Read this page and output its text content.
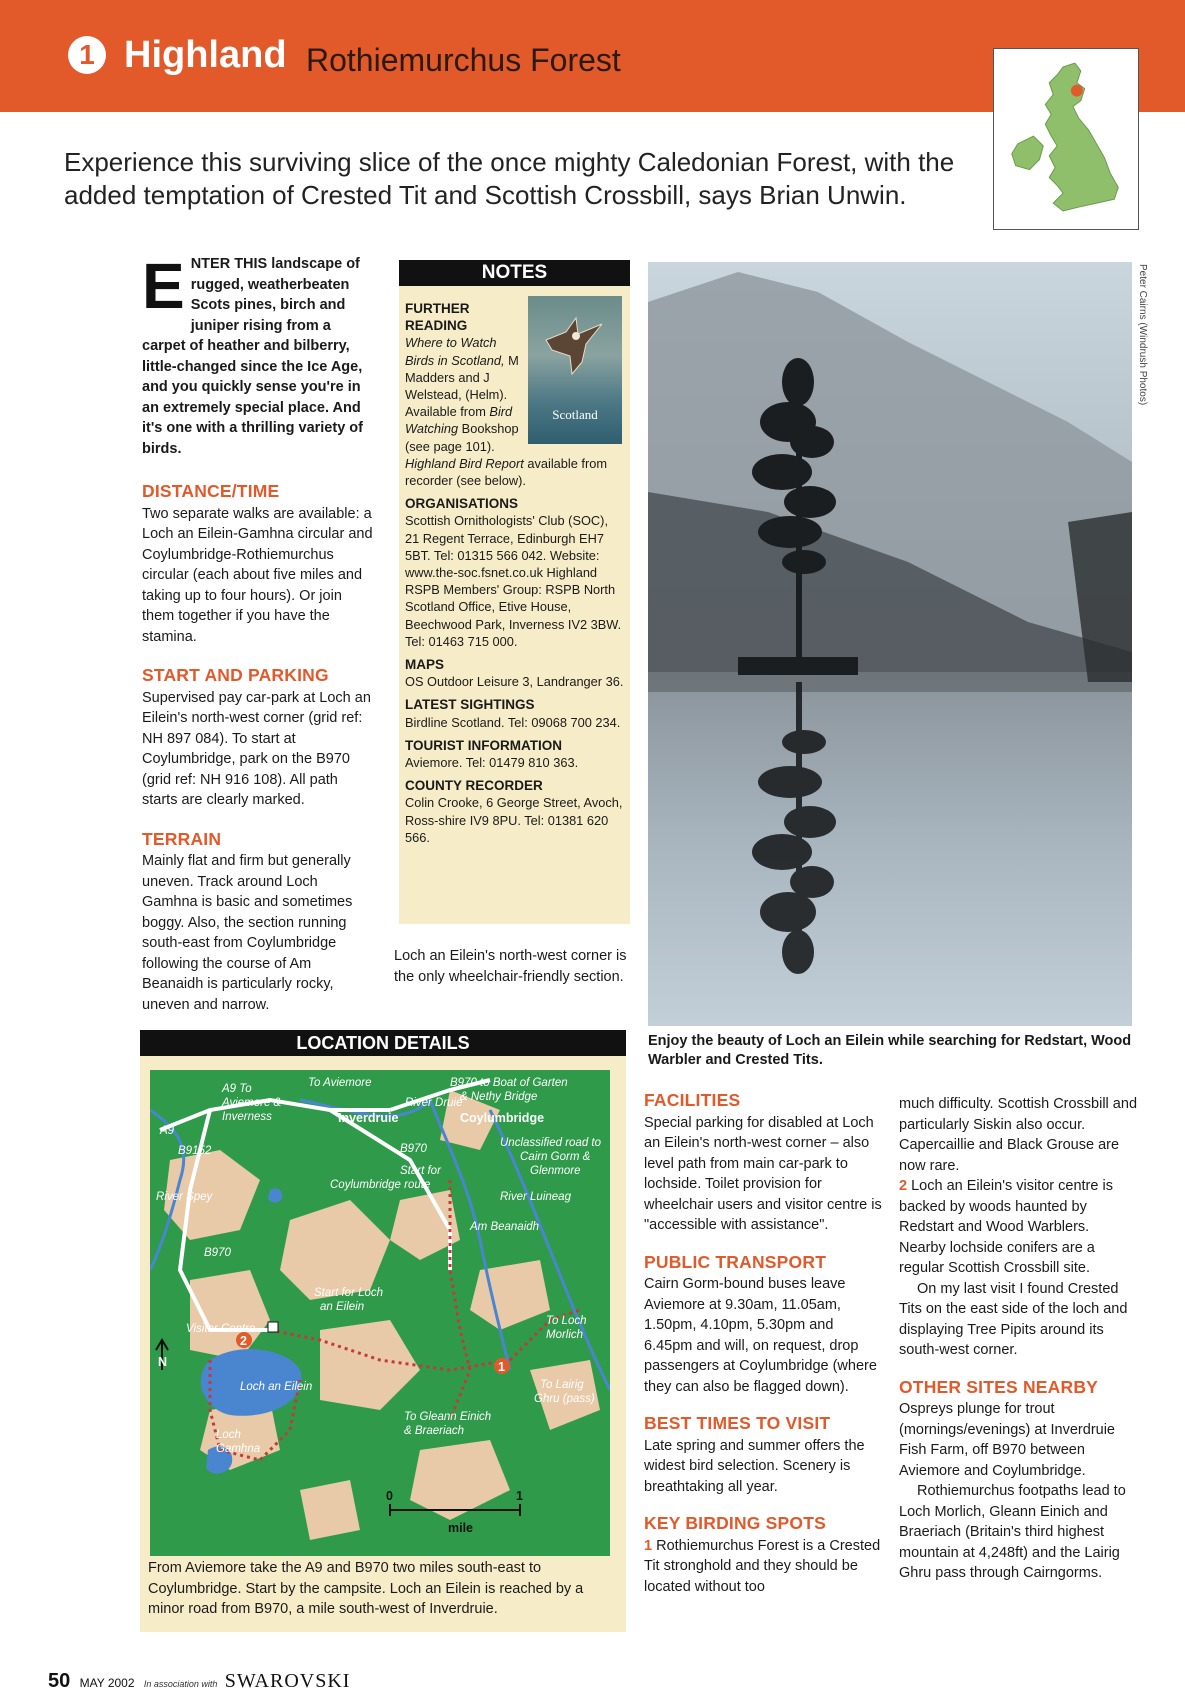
1 Highland Rothiemurchus Forest
Experience this surviving slice of the once mighty Caledonian Forest, with the added temptation of Crested Tit and Scottish Crossbill, says Brian Unwin.
ENTER THIS landscape of rugged, weatherbeaten Scots pines, birch and juniper rising from a carpet of heather and bilberry, little-changed since the Ice Age, and you quickly sense you're in an extremely special place. And it's one with a thrilling variety of birds.
DISTANCE/TIME
Two separate walks are available: a Loch an Eilein-Gamhna circular and Coylumbridge-Rothiemurchus circular (each about five miles and taking up to four hours). Or join them together if you have the stamina.
START AND PARKING
Supervised pay car-park at Loch an Eilein's north-west corner (grid ref: NH 897 084). To start at Coylumbridge, park on the B970 (grid ref: NH 916 108). All path starts are clearly marked.
TERRAIN
Mainly flat and firm but generally uneven. Track around Loch Gamhna is basic and sometimes boggy. Also, the section running south-east from Coylumbridge following the course of Am Beanaidh is particularly rocky, uneven and narrow.
NOTES
Scotland
FURTHER READING
Where to Watch Birds in Scotland, M Madders and J Welstead, (Helm). Available from Bird Watching Bookshop (see page 101). Highland Bird Report available from recorder (see below).
ORGANISATIONS
Scottish Ornithologists' Club (SOC), 21 Regent Terrace, Edinburgh EH7 5BT. Tel: 01315 566 042. Website: www.the-soc.fsnet.co.uk Highland RSPB Members' Group: RSPB North Scotland Office, Etive House, Beechwood Park, Inverness IV2 3BW. Tel: 01463 715 000.
MAPS
OS Outdoor Leisure 3, Landranger 36.
LATEST SIGHTINGS
Birdline Scotland. Tel: 09068 700 234.
TOURIST INFORMATION
Aviemore. Tel: 01479 810 363.
COUNTY RECORDER
Colin Crooke, 6 George Street, Avoch, Ross-shire IV9 8PU. Tel: 01381 620 566.
Loch an Eilein's north-west corner is the only wheelchair-friendly section.
Peter Cairns (Windrush Photos)
Enjoy the beauty of Loch an Eilein while searching for Redstart, Wood Warbler and Crested Tits.
LOCATION DETAILS
A9 To
Aviemore &
Inverness
To Aviemore	B970 to Boat of Garten
& Nethy Bridge
River Druie
Inverdruie	Coylumbridge
A9
B9152	B970
B970
River Spey
Unclassified road to
Cairn Gorm &
Glenmore
Start for
Coylumbridge route
River Luineag
Am Beanaidh
Start for Loch
an Eilein
Visitor Centre
To Loch
Morlich
Loch an Eilein	To Lairig
Ghru (pass)
To Gleann Einich
& Braeriach
Loch
Gamhna
N	1
2
0	1
mile
From Aviemore take the A9 and B970 two miles south-east to Coylumbridge. Start by the campsite. Loch an Eilein is reached by a minor road from B970, a mile south-west of Inverdruie.
FACILITIES
Special parking for disabled at Loch an Eilein's north-west corner – also level path from main car-park to lochside. Toilet provision for wheelchair users and visitor centre is "accessible with assistance".
PUBLIC TRANSPORT
Cairn Gorm-bound buses leave Aviemore at 9.30am, 11.05am, 1.50pm, 4.10pm, 5.30pm and 6.45pm and will, on request, drop passengers at Coylumbridge (where they can also be flagged down).
BEST TIMES TO VISIT
Late spring and summer offers the widest bird selection. Scenery is breathtaking all year.
KEY BIRDING SPOTS
1 Rothiemurchus Forest is a Crested Tit stronghold and they should be located without too
much difficulty. Scottish Crossbill and particularly Siskin also occur. Capercaillie and Black Grouse are now rare.
2 Loch an Eilein's visitor centre is backed by woods haunted by Redstart and Wood Warblers. Nearby lochside conifers are a regular Scottish Crossbill site.
On my last visit I found Crested Tits on the east side of the loch and displaying Tree Pipits around its south-west corner.
OTHER SITES NEARBY
Ospreys plunge for trout (mornings/evenings) at Inverdruie Fish Farm, off B970 between Aviemore and Coylumbridge.
Rothiemurchus footpaths lead to Loch Morlich, Gleann Einich and Braeriach (Britain's third highest mountain at 4,248ft) and the Lairig Ghru pass through Cairngorms.
50 MAY 2002 In association with SWAROVSKI
